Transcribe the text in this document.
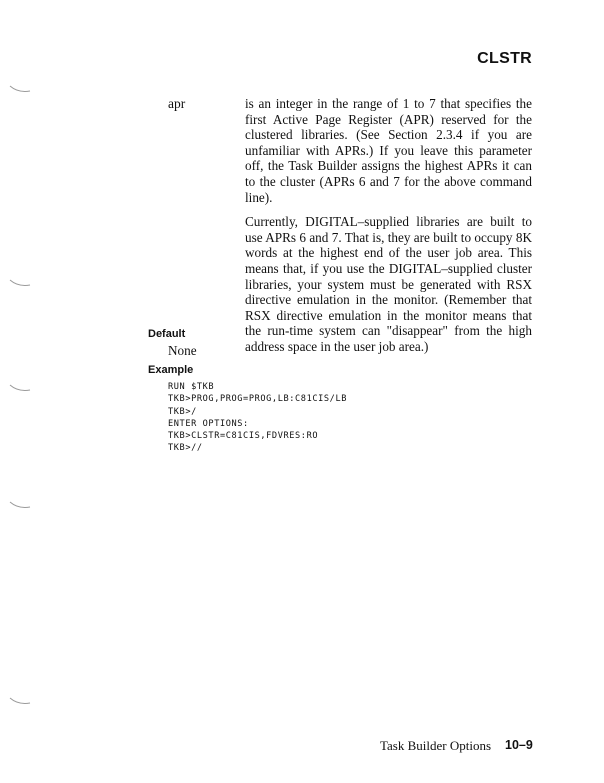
CLSTR
apr	is an integer in the range of 1 to 7 that specifies the first Active Page Register (APR) reserved for the clustered libraries. (See Section 2.3.4 if you are unfamiliar with APRs.) If you leave this parameter off, the Task Builder assigns the highest APRs it can to the cluster (APRs 6 and 7 for the above command line).

Currently, DIGITAL–supplied libraries are built to use APRs 6 and 7. That is, they are built to occupy 8K words at the highest end of the user job area. This means that, if you use the DIGITAL–supplied cluster libraries, your system must be generated with RSX directive emulation in the monitor. (Remember that RSX directive emulation in the monitor means that the run-time system can "disappear" from the high address space in the user job area.)

Default
None
Example
RUN $TKB
TKB>PROG,PROG=PROG,LB:C81CIS/LB
TKB>/
ENTER OPTIONS:
TKB>CLSTR=C81CIS,FDVRES:RO
TKB>//
Task Builder Options 10–9
